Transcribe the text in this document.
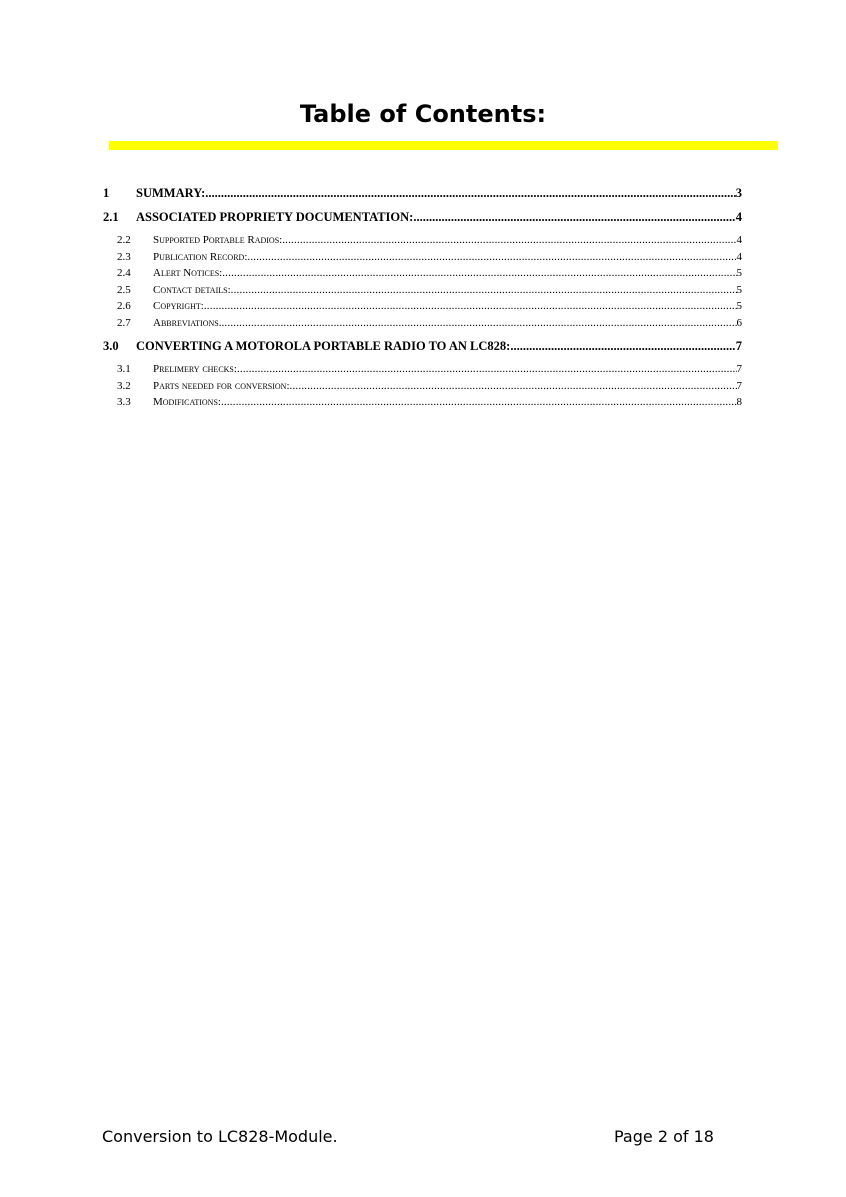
Table of Contents:
1	SUMMARY: .....	3
2.1	ASSOCIATED PROPRIETY DOCUMENTATION: .....	4
2.2	Supported Portable Radios: .....	4
2.3	Publication Record: .....	4
2.4	Alert Notices: .....	5
2.5	Contact details: .....	5
2.6	Copyright: .....	5
2.7	Abbreviations. .....	6
3.0	CONVERTING A MOTOROLA PORTABLE RADIO TO AN LC828: .....	7
3.1	Prelimery checks: .....	7
3.2	Parts needed for conversion: .....	7
3.3	Modifications: .....	8
Conversion to LC828-Module.	Page 2 of 18
